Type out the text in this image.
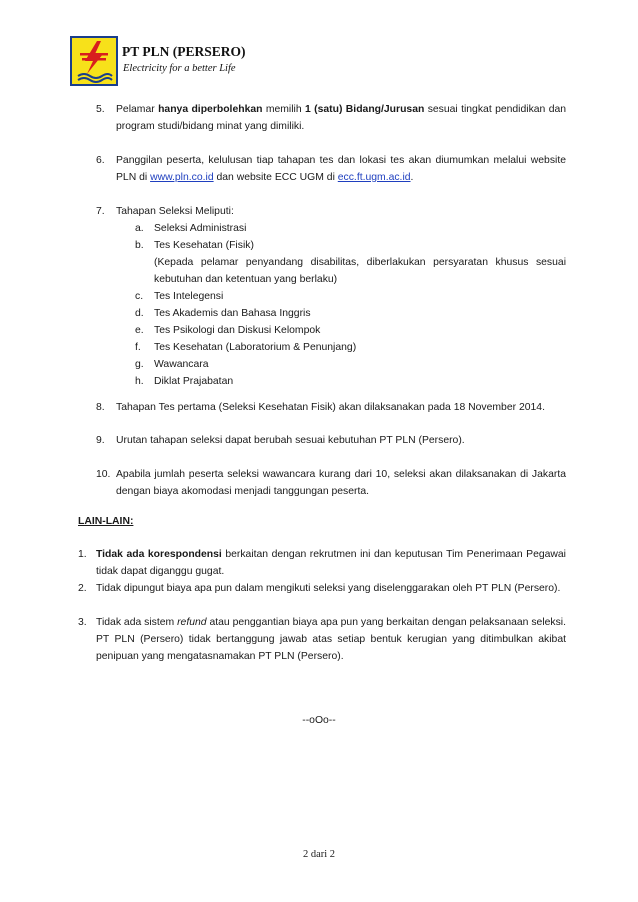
PT PLN (PERSERO)
Electricity for a better Life
5. Pelamar hanya diperbolehkan memilih 1 (satu) Bidang/Jurusan sesuai tingkat pendidikan dan program studi/bidang minat yang dimiliki.
6. Panggilan peserta, kelulusan tiap tahapan tes dan lokasi tes akan diumumkan melalui website PLN di www.pln.co.id dan website ECC UGM di ecc.ft.ugm.ac.id.
7. Tahapan Seleksi Meliputi:
a. Seleksi Administrasi
b. Tes Kesehatan (Fisik)
(Kepada pelamar penyandang disabilitas, diberlakukan persyaratan khusus sesuai kebutuhan dan ketentuan yang berlaku)
c. Tes Intelegensi
d. Tes Akademis dan Bahasa Inggris
e. Tes Psikologi dan Diskusi Kelompok
f. Tes Kesehatan (Laboratorium & Penunjang)
g. Wawancara
h. Diklat Prajabatan
8. Tahapan Tes pertama (Seleksi Kesehatan Fisik) akan dilaksanakan pada 18 November 2014.
9. Urutan tahapan seleksi dapat berubah sesuai kebutuhan PT PLN (Persero).
10. Apabila jumlah peserta seleksi wawancara kurang dari 10, seleksi akan dilaksanakan di Jakarta dengan biaya akomodasi menjadi tanggungan peserta.
LAIN-LAIN:
1. Tidak ada korespondensi berkaitan dengan rekrutmen ini dan keputusan Tim Penerimaan Pegawai tidak dapat diganggu gugat.
2. Tidak dipungut biaya apa pun dalam mengikuti seleksi yang diselenggarakan oleh PT PLN (Persero).
3. Tidak ada sistem refund atau penggantian biaya apa pun yang berkaitan dengan pelaksanaan seleksi. PT PLN (Persero) tidak bertanggung jawab atas setiap bentuk kerugian yang ditimbulkan akibat penipuan yang mengatasnamakan PT PLN (Persero).
--oOo--
2 dari 2
